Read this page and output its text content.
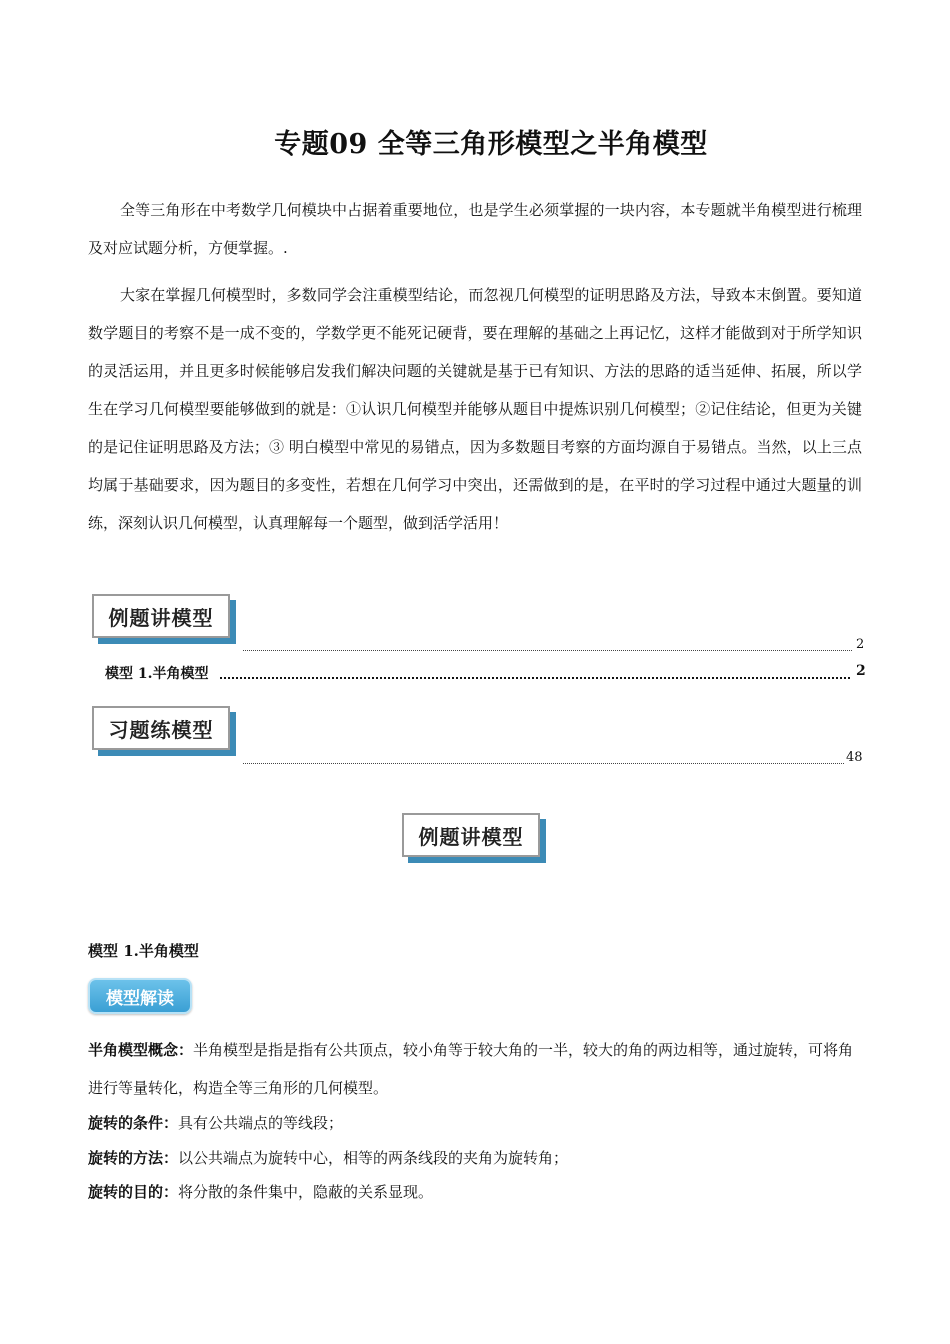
专题09 全等三角形模型之半角模型

全等三角形在中考数学几何模块中占据着重要地位，也是学生必须掌握的一块内容，本专题就半角模型进行梳理及对应试题分析，方便掌握。.

大家在掌握几何模型时，多数同学会注重模型结论，而忽视几何模型的证明思路及方法，导致本末倒置。要知道数学题目的考察不是一成不变的，学数学更不能死记硬背，要在理解的基础之上再记忆，这样才能做到对于所学知识的灵活运用，并且更多时候能够启发我们解决问题的关键就是基于已有知识、方法的思路的适当延伸、拓展，所以学生在学习几何模型要能够做到的就是：①认识几何模型并能够从题目中提炼识别几何模型；②记住结论，但更为关键的是记住证明思路及方法；③ 明白模型中常见的易错点，因为多数题目考察的方面均源自于易错点。当然，以上三点均属于基础要求，因为题目的多变性，若想在几何学习中突出，还需做到的是，在平时的学习过程中通过大题量的训练，深刻认识几何模型，认真理解每一个题型，做到活学活用！

例题讲模型
2
模型 1.半角模型	2
习题练模型
48
例题讲模型
模型 1.半角模型
模型解读

半角模型概念：半角模型是指是指有公共顶点，较小角等于较大角的一半，较大的角的两边相等，通过旋转，可将角进行等量转化，构造全等三角形的几何模型。

旋转的条件：具有公共端点的等线段；

旋转的方法：以公共端点为旋转中心，相等的两条线段的夹角为旋转角；

旋转的目的：将分散的条件集中，隐蔽的关系显现。
